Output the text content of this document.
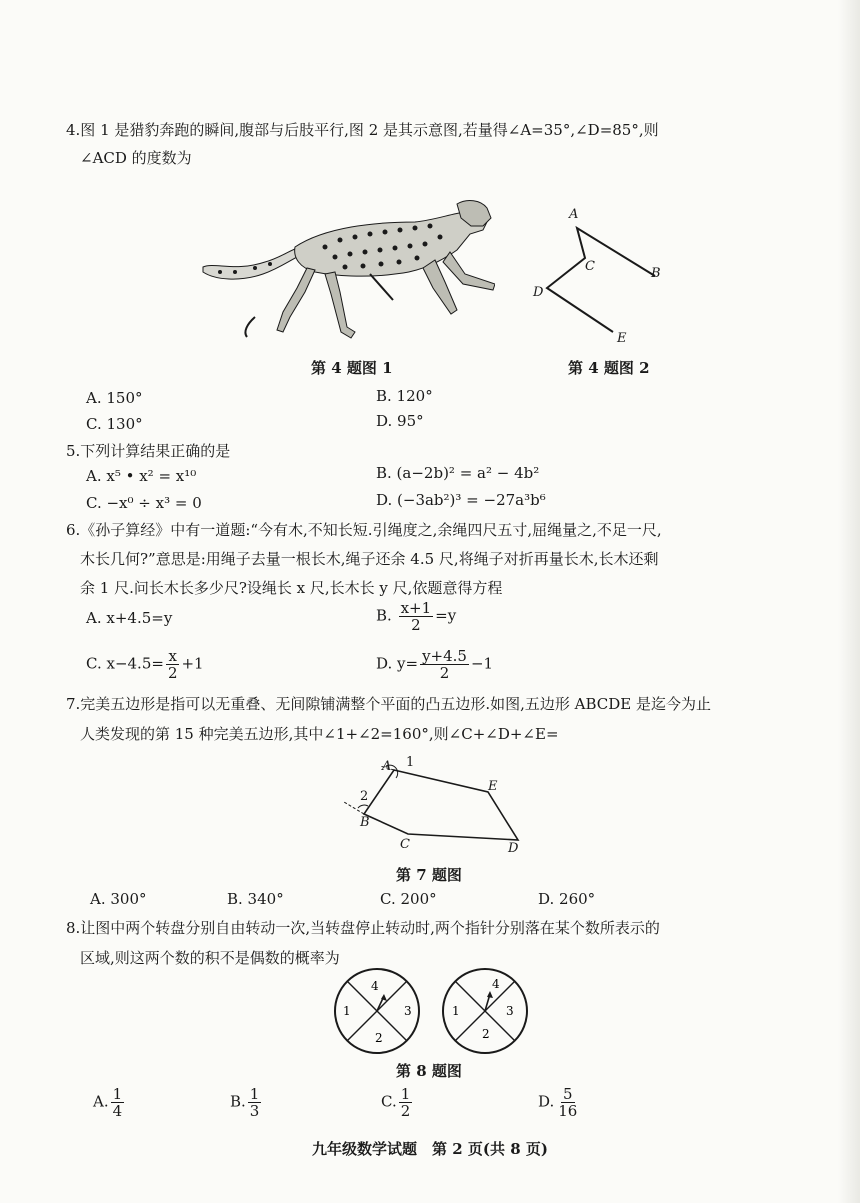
4.图 1 是猎豹奔跑的瞬间,腹部与后肢平行,图 2 是其示意图,若量得∠A=35°,∠D=85°,则
∠ACD 的度数为
第 4 题图 1
A
B
C
D
E
第 4 题图 2
A. 150°	B. 120°
C. 130°	D. 95°
5.下列计算结果正确的是
A. x⁵ • x² = x¹⁰	B. (a−2b)² = a² − 4b²
C. −x⁰ ÷ x³ = 0	D. (−3ab²)³ = −27a³b⁶
6.《孙子算经》中有一道题:“今有木,不知长短.引绳度之,余绳四尺五寸,屈绳量之,不足一尺,
木长几何?”意思是:用绳子去量一根长木,绳子还余 4.5 尺,将绳子对折再量长木,长木还剩
余 1 尺.问长木长多少尺?设绳长 x 尺,长木长 y 尺,依题意得方程
A. x+4.5=y	B. $\frac{x+1}{2} =y$
C. $x-4.5= \frac{x}{2} +1$	D. $y= \frac{y+4.5}{2} -1$
7.完美五边形是指可以无重叠、无间隙铺满整个平面的凸五边形.如图,五边形 ABCDE 是迄今为止
人类发现的第 15 种完美五边形,其中∠1+∠2=160°,则∠C+∠D+∠E=
A
E
D
C
B
1
2
第 7 题图
A. 300°	B. 340°	C. 200°	D. 260°
8.让图中两个转盘分别自由转动一次,当转盘停止转动时,两个指针分别落在某个数所表示的
区域,则这两个数的积不是偶数的概率为
4
1	3
2
4
1	3
2
第 8 题图
A. $\frac{1}{4}$	B. $\frac{1}{3}$	C. $\frac{1}{2}$	D. $\frac{5}{16}$
九年级数学试题　第 2 页(共 8 页)
